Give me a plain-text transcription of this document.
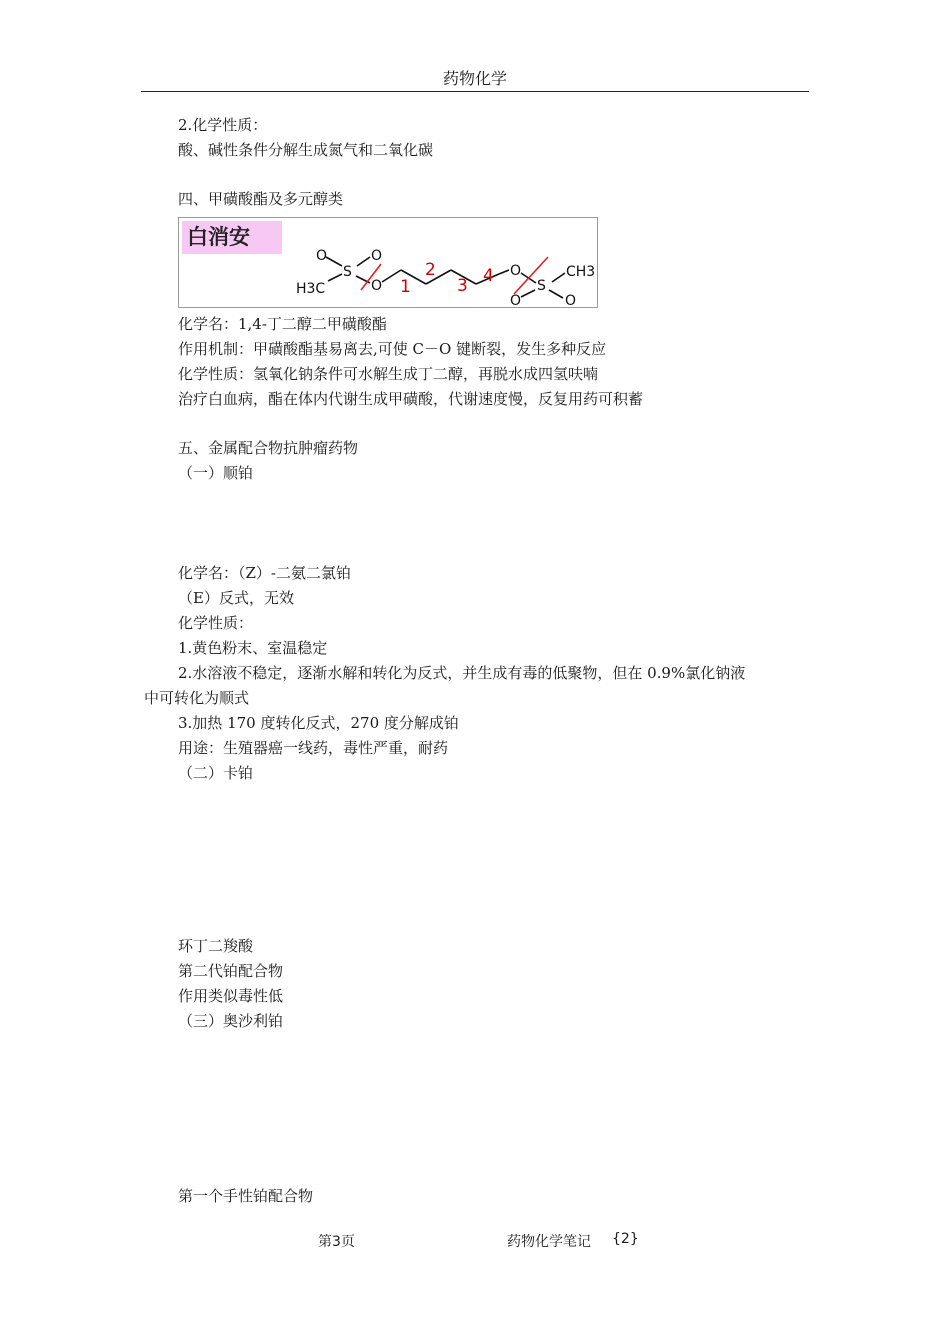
药物化学
2.化学性质：
酸、碱性条件分解生成氮气和二氧化碳
四、甲磺酸酯及多元醇类
化学名：1,4-丁二醇二甲磺酸酯
作用机制：甲磺酸酯基易离去,可使 C－O 键断裂，发生多种反应
化学性质：氢氧化钠条件可水解生成丁二醇，再脱水成四氢呋喃
治疗白血病，酯在体内代谢生成甲磺酸，代谢速度慢，反复用药可积蓄
五、金属配合物抗肿瘤药物
（一）顺铂
化学名：（Z）-二氨二氯铂
（E）反式，无效
化学性质：
1.黄色粉末、室温稳定
2.水溶液不稳定，逐渐水解和转化为反式，并生成有毒的低聚物，但在 0.9%氯化钠液
中可转化为顺式
3.加热 170 度转化反式，270 度分解成铂
用途：生殖器癌一线药，毒性严重，耐药
（二）卡铂
环丁二羧酸
第二代铂配合物
作用类似毒性低
（三）奥沙利铂
第一个手性铂配合物
白消安
O	O
S
H3C	O
O
S
O	O
CH3
1
2
3 4
第3页	药物化学笔记 {2}
